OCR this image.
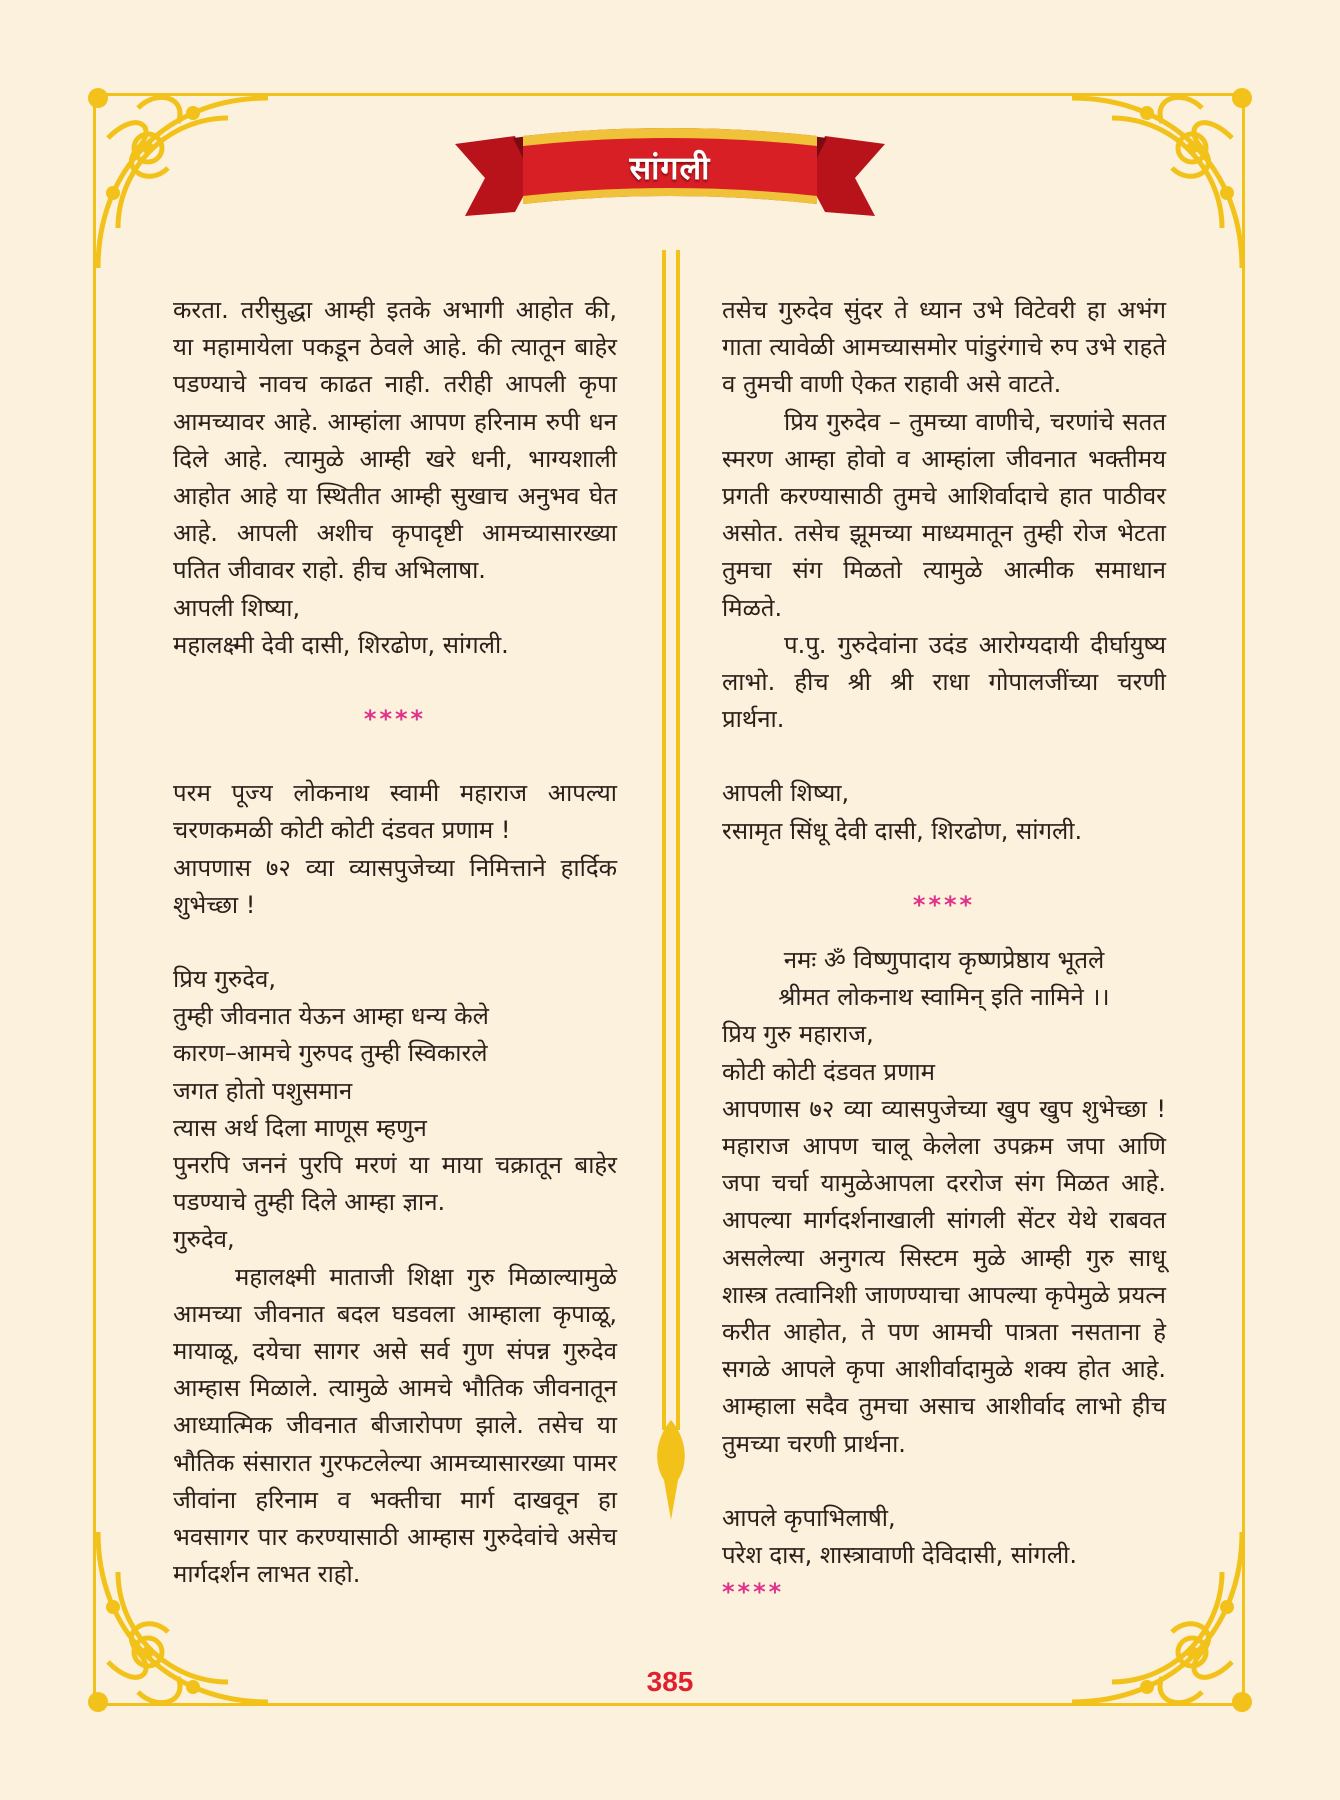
सांगली

करता. तरीसुद्धा आम्ही इतके अभागी आहोत की, या महामायेला पकडून ठेवले आहे. की त्यातून बाहेर पडण्याचे नावच काढत नाही. तरीही आपली कृपा आमच्यावर आहे. आम्हांला आपण हरिनाम रुपी धन दिले आहे. त्यामुळे आम्ही खरे धनी, भाग्यशाली आहोत आहे या स्थितीत आम्ही सुखाच अनुभव घेत आहे. आपली अशीच कृपादृष्टी आमच्यासारख्या पतित जीवावर राहो. हीच अभिलाषा.

आपली शिष्या,

महालक्ष्मी देवी दासी, शिरढोण, सांगली.

****

परम पूज्य लोकनाथ स्वामी महाराज आपल्या चरणकमळी कोटी कोटी दंडवत प्रणाम !

आपणास ७२ व्या व्यासपुजेच्या निमित्ताने हार्दिक शुभेच्छा !

प्रिय गुरुदेव,

तुम्ही जीवनात येऊन आम्हा धन्य केले

कारण–आमचे गुरुपद तुम्ही स्विकारले

जगत होतो पशुसमान

त्यास अर्थ दिला माणूस म्हणुन

पुनरपि जननं पुरपि मरणं या माया चक्रातून बाहेर पडण्याचे तुम्ही दिले आम्हा ज्ञान.

गुरुदेव,

महालक्ष्मी माताजी शिक्षा गुरु मिळाल्यामुळे आमच्या जीवनात बदल घडवला आम्हाला कृपाळू, मायाळू, दयेचा सागर असे सर्व गुण संपन्न गुरुदेव आम्हास मिळाले. त्यामुळे आमचे भौतिक जीवनातून आध्यात्मिक जीवनात बीजारोपण झाले. तसेच या भौतिक संसारात गुरफटलेल्या आमच्यासारख्या पामर जीवांना हरिनाम व भक्तीचा मार्ग दाखवून हा भवसागर पार करण्यासाठी आम्हास गुरुदेवांचे असेच मार्गदर्शन लाभत राहो.

तसेच गुरुदेव सुंदर ते ध्यान उभे विटेवरी हा अभंग गाता त्यावेळी आमच्यासमोर पांडुरंगाचे रुप उभे राहते व तुमची वाणी ऐकत राहावी असे वाटते.

प्रिय गुरुदेव – तुमच्या वाणीचे, चरणांचे सतत स्मरण आम्हा होवो व आम्हांला जीवनात भक्तीमय प्रगती करण्यासाठी तुमचे आशिर्वादाचे हात पाठीवर असोत. तसेच झूमच्या माध्यमातून तुम्ही रोज भेटता तुमचा संग मिळतो त्यामुळे आत्मीक समाधान मिळते.

प.पु. गुरुदेवांना उदंड आरोग्यदायी दीर्घायुष्य लाभो. हीच श्री श्री राधा गोपालजींच्या चरणी प्रार्थना.

आपली शिष्या,

रसामृत सिंधू देवी दासी, शिरढोण, सांगली.

****

नमः ॐ विष्णुपादाय कृष्णप्रेष्ठाय भूतले

श्रीमत लोकनाथ स्वामिन् इति नामिने ।।

प्रिय गुरु महाराज,

कोटी कोटी दंडवत प्रणाम

आपणास ७२ व्या व्यासपुजेच्या खुप खुप शुभेच्छा ! महाराज आपण चालू केलेला उपक्रम जपा आणि जपा चर्चा यामुळेआपला दररोज संग मिळत आहे. आपल्या मार्गदर्शनाखाली सांगली सेंटर येथे राबवत असलेल्या अनुगत्य सिस्टम मुळे आम्ही गुरु साधू शास्त्र तत्वानिशी जाणण्याचा आपल्या कृपेमुळे प्रयत्न करीत आहोत, ते पण आमची पात्रता नसताना हे सगळे आपले कृपा आशीर्वादामुळे शक्य होत आहे. आम्हाला सदैव तुमचा असाच आशीर्वाद लाभो हीच तुमच्या चरणी प्रार्थना.

आपले कृपाभिलाषी,

परेश दास, शास्त्रावाणी देविदासी, सांगली.

****

385
